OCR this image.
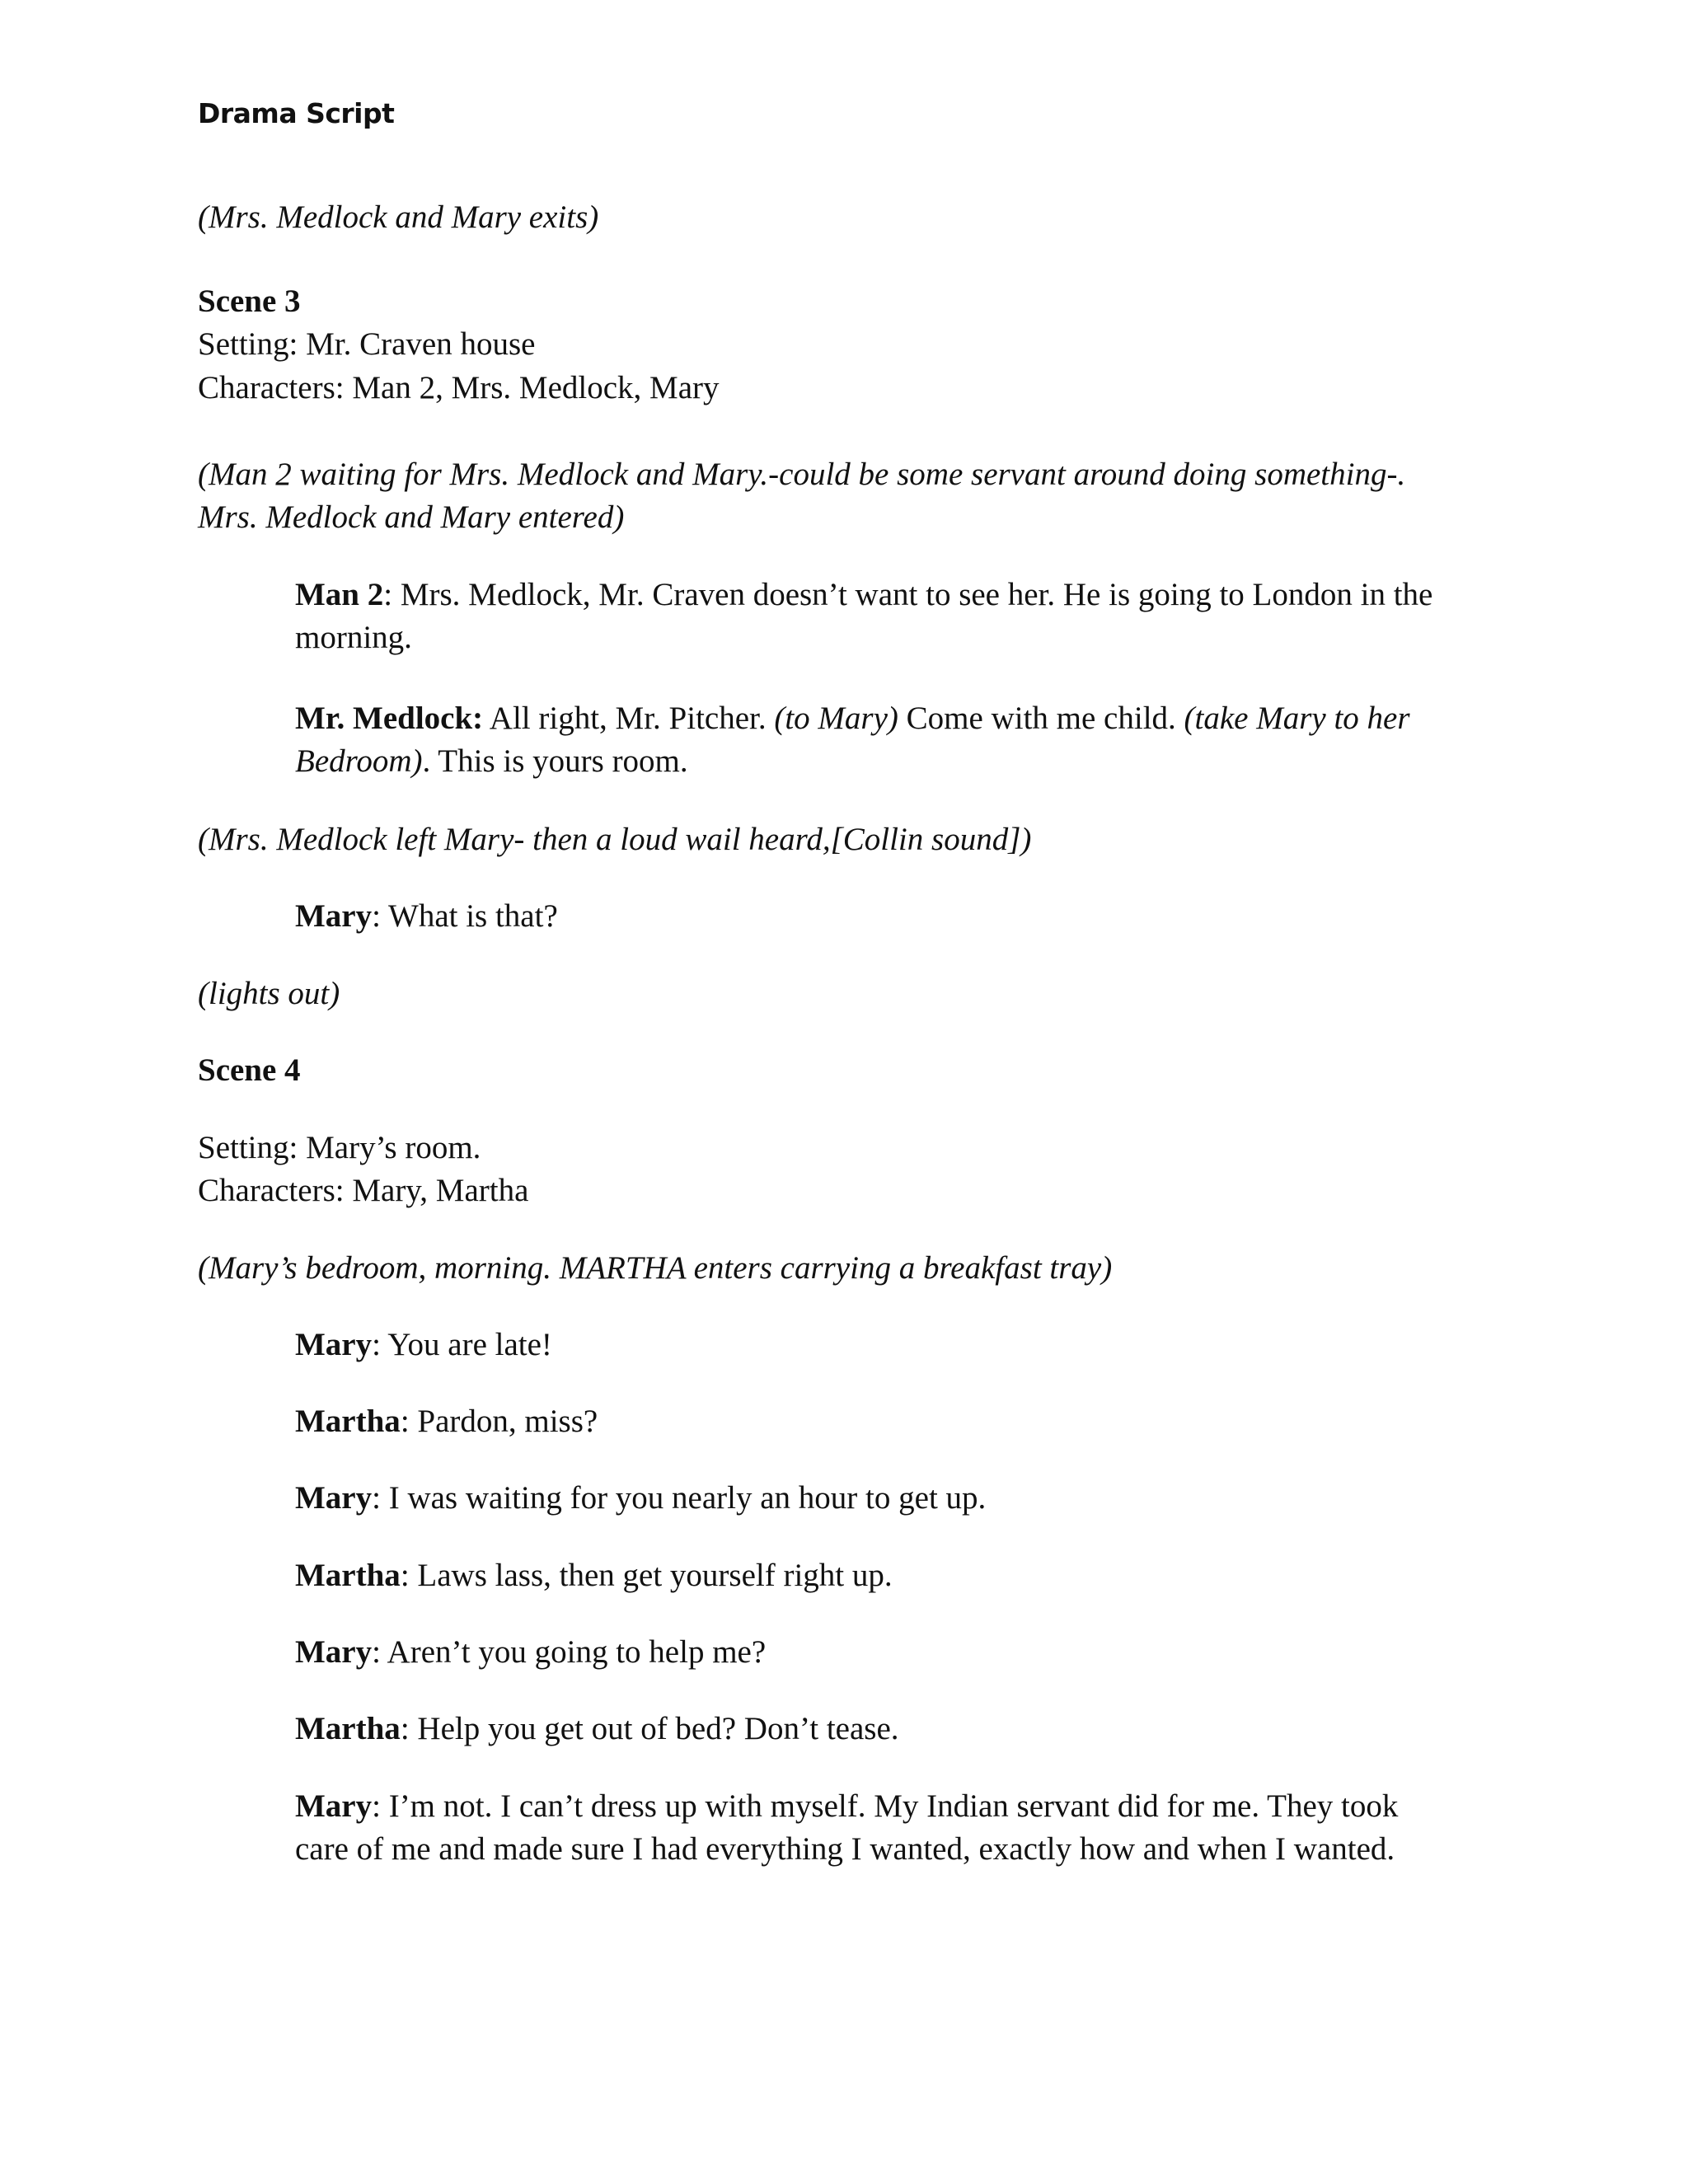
Drama Script
(Mrs. Medlock and Mary exits)
Scene 3
Setting: Mr. Craven house
Characters: Man 2, Mrs. Medlock, Mary
(Man 2 waiting for Mrs. Medlock and Mary.-could be some servant around doing something-.
Mrs. Medlock and Mary entered)
Man 2: Mrs. Medlock, Mr. Craven doesn’t want to see her. He is going to London in the
morning.
Mr. Medlock: All right, Mr. Pitcher. (to Mary) Come with me child. (take Mary to her
Bedroom). This is yours room.
(Mrs. Medlock left Mary- then a loud wail heard,[Collin sound])
Mary: What is that?
(lights out)
Scene 4
Setting: Mary’s room.
Characters: Mary, Martha
(Mary’s bedroom, morning. MARTHA enters carrying a breakfast tray)
Mary: You are late!
Martha: Pardon, miss?
Mary: I was waiting for you nearly an hour to get up.
Martha: Laws lass, then get yourself right up.
Mary: Aren’t you going to help me?
Martha: Help you get out of bed? Don’t tease.
Mary: I’m not. I can’t dress up with myself. My Indian servant did for me. They took
care of me and made sure I had everything I wanted, exactly how and when I wanted.
